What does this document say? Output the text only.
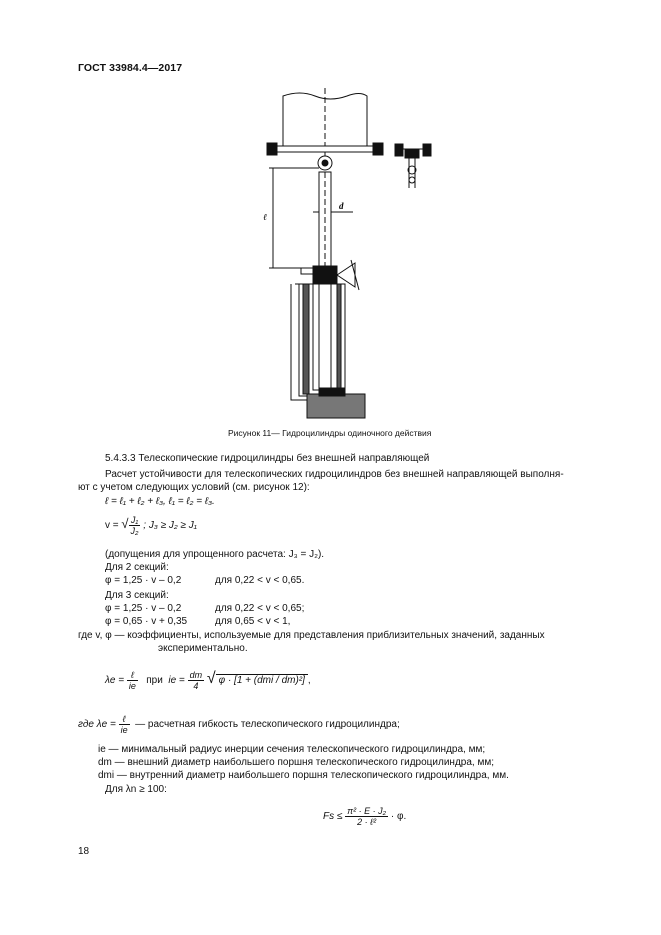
ГОСТ 33984.4—2017
ℓ
d
Рисунок 11— Гидроцилиндры одиночного действия
5.4.3.3 Телескопические гидроцилиндры без внешней направляющей
Расчет устойчивости для телескопических гидроцилиндров без внешней направляющей выполня-
ют с учетом следующих условий (см. рисунок 12):
ℓ = ℓ₁ + ℓ₂ + ℓ₃, ℓ₁ = ℓ₂ = ℓ₃.
v = √ $\frac{\text{J₁}}{\text{J₂}}$ ; J₃ ≥ J₂ ≥ J₁
(допущения для упрощенного расчета: J₃ = J₂).
Для 2 секций:
φ = 1,25 · v – 0,2	для 0,22 < v < 0,65.
Для 3 секций:
φ = 1,25 · v – 0,2	для 0,22 < v < 0,65;
φ = 0,65 · v + 0,35	для 0,65 < v < 1,
где v, φ — коэффициенты, используемые для представления приблизительных значений, заданных
экспериментально.
$\lambda e = \frac{\text{ℓ}}{ie}$ при ie = $\frac{dm}{4}$ √ φ · [1 + (dmi / dm)²] ,
где $\lambda e = \frac{\text{ℓ}}{ie}$ — расчетная гибкость телескопического гидроцилиндра;
ie — минимальный радиус инерции сечения телескопического гидроцилиндра, мм;
dm — внешний диаметр наибольшего поршня телескопического гидроцилиндра, мм;
dmi — внутренний диаметр наибольшего поршня телескопического гидроцилиндра, мм.
Для λn ≥ 100:
$Fs \le \frac{\text{π² · E · J₂}}{\text{2 · ℓ²}} \cdot \varphi$.
18
